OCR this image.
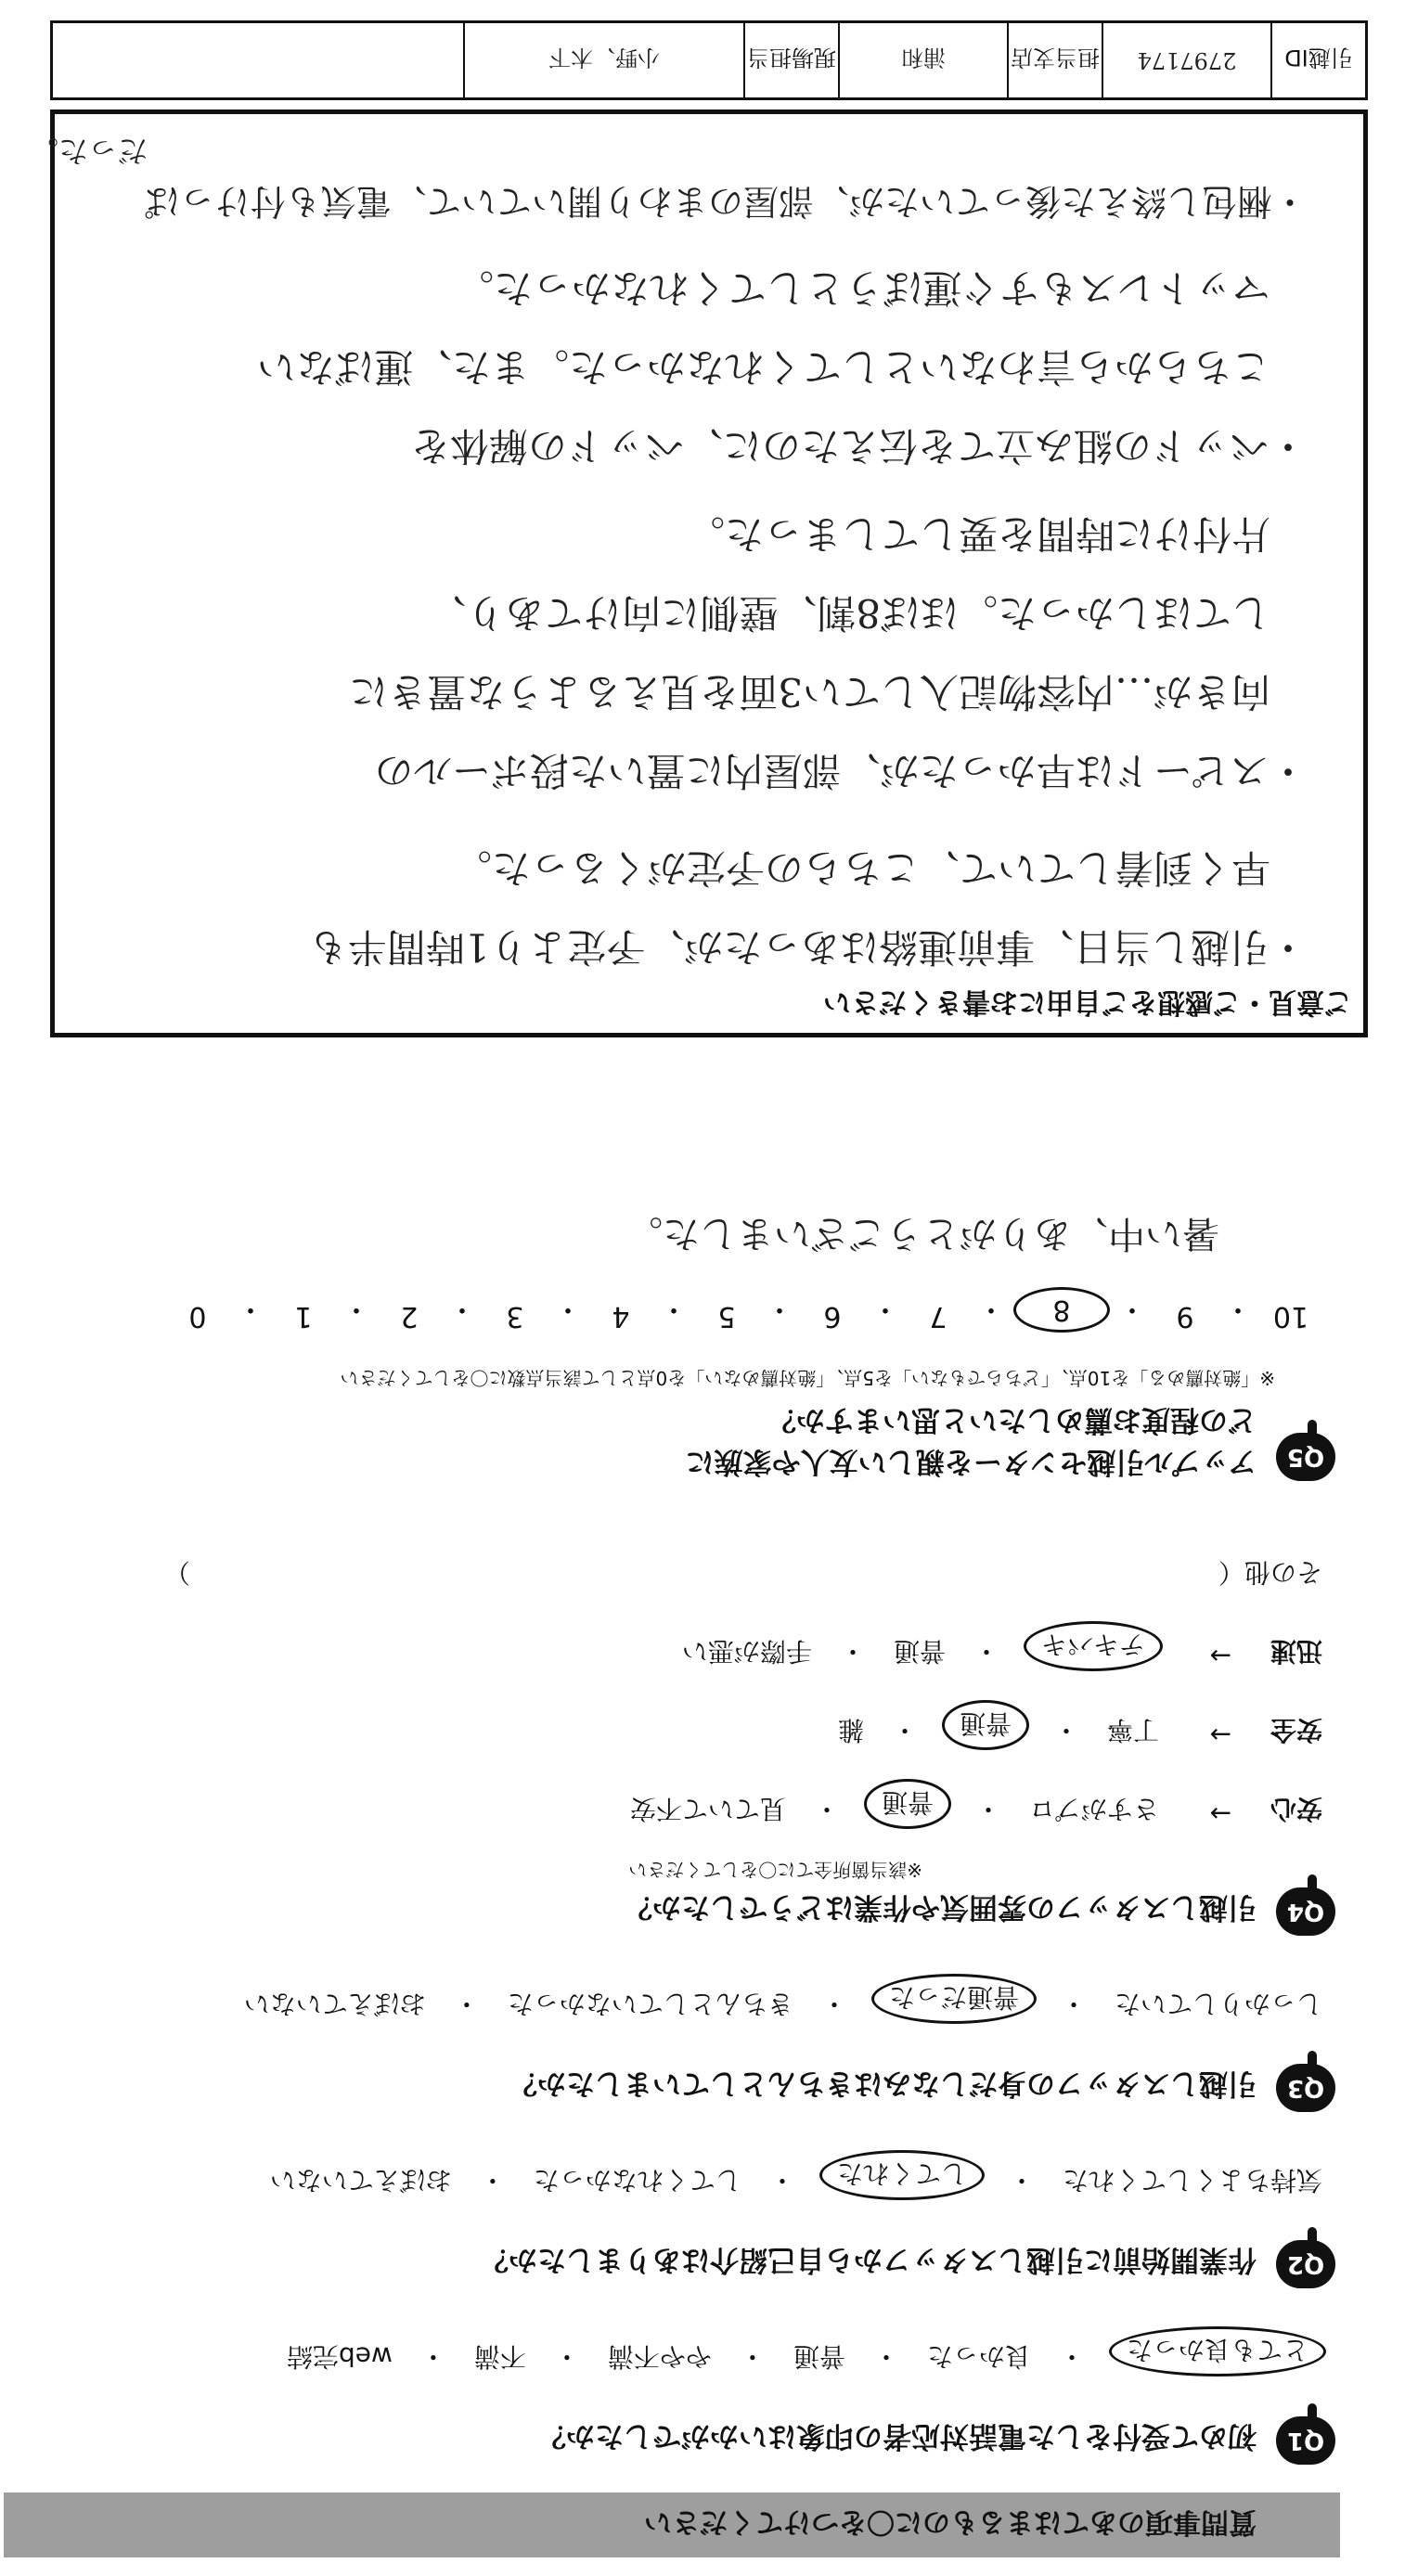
質問事項のあてはまるものに〇をつけてください
Q1
初めて受付をした電話対応者の印象はいかがでしたか？
とても良かった
・
良かった
・
普通
・
やや不満
・
不満
・
web完結
Q2
作業開始前に引越しスタッフから自己紹介はありましたか？
気持ちよくしてくれた
・
してくれた
・
してくれなかった
・
おぼえていない
Q3
引越しスタッフの身だしなみはきちんとしていましたか？
しっかりしていた
・
普通だった
・
きちんとしていなかった
・
おぼえていない
Q4
引越しスタッフの雰囲気や作業はどうでしたか？
※該当箇所全てに〇をしてください
安心
→
さすがプロ
・
普通
・
見ていて不安
安全
→
丁寧
・
普通
・
雑
迅速
→
テキパキ
・
普通
・
手際が悪い
その他（
）
Q5
アップル引越センターを親しい友人や家族に
どの程度お薦めしたいと思いますか？
※「絶対薦める」を10点、「どちらでもない」を5点、「絶対薦めない」を0点として該当点数に〇をしてください
10
・
9
・
8
・
7
・
6
・
5
・
4
・
3
・
2
・
1
・
0
暑い中、ありがとうございました。
ご意見・ご感想をご自由にお書きください
・引越し当日、事前連絡はあったが、予定より1時間半も
早く到着していて、こちらの予定がくるった。
・スピードは早かったが、部屋内に置いた段ボールの
向きが…内容物記入してい3面を見えるような置きに
してほしかった。ほぼ8割、壁側に向けてあり、
片付けに時間を要してしまった。
・ベッドの組み立てを伝えたのに、ベッドの解体を
こちらから言わないとしてくれなかった。また、運ばない
マットレスもすぐ運ぼうとしてくれなかった。
・梱包し終えた後っていたが、部屋のまわり開いていて、電気も付けっぱ
だった。
引越ID
2797174
担当支店
浦和
現場担当
小野、木下
